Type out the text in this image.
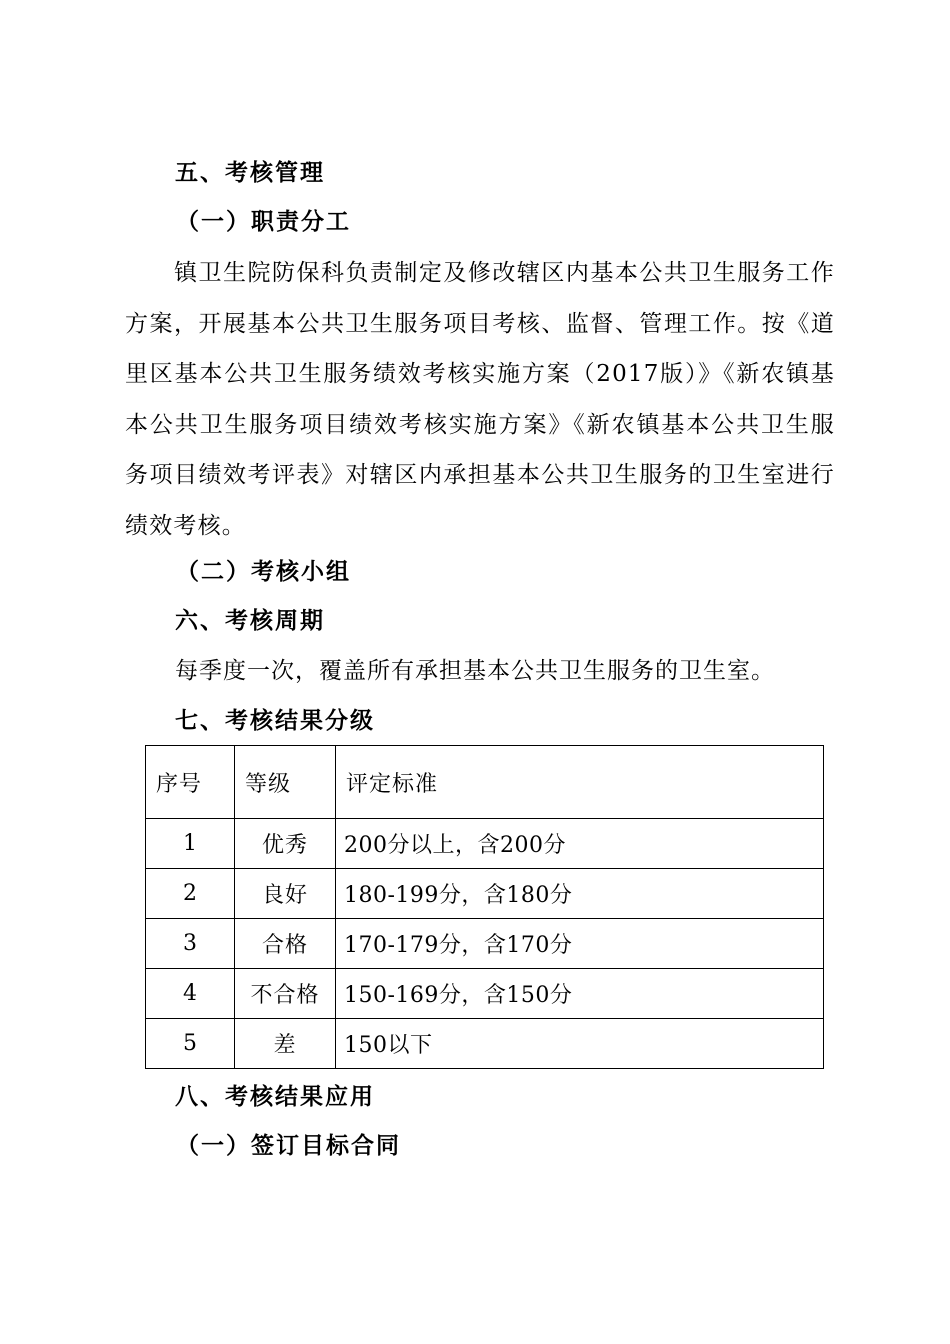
五、考核管理
（一）职责分工
镇卫生院防保科负责制定及修改辖区内基本公共卫生服务工作方案，开展基本公共卫生服务项目考核、监督、管理工作。按《道里区基本公共卫生服务绩效考核实施方案（2017版）》《新农镇基本公共卫生服务项目绩效考核实施方案》《新农镇基本公共卫生服务项目绩效考评表》对辖区内承担基本公共卫生服务的卫生室进行绩效考核。
（二）考核小组
六、考核周期
每季度一次，覆盖所有承担基本公共卫生服务的卫生室。
七、考核结果分级
序号	等级	评定标准
1	优秀	200分以上，含200分
2	良好	180-199分，含180分
3	合格	170-179分，含170分
4	不合格	150-169分，含150分
5	差	150以下
八、考核结果应用
（一）签订目标合同
